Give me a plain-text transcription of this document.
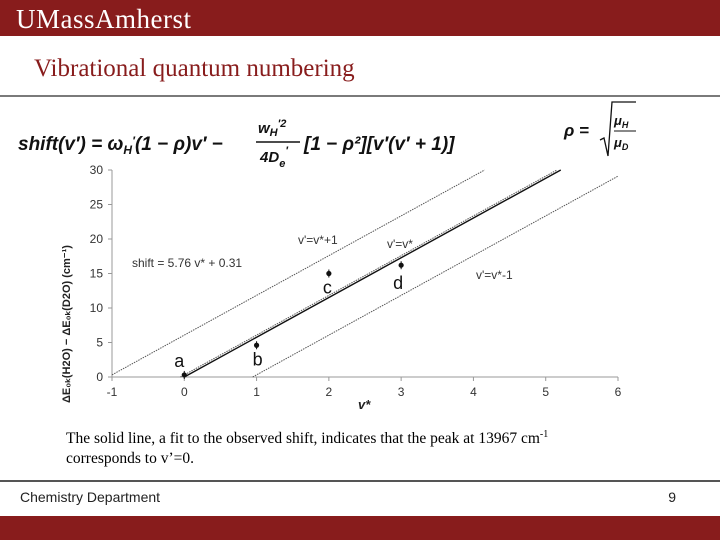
UMassAmherst
Vibrational quantum numbering
shift(v′) = $\omega_H'(1 - \rho)v'$ −
$w_H^{'2}$
$4D_e'$ [1 − ρ²][v′(v′ + 1)]
ρ =
$\mu_H$
$\mu_D$
0
5
10
15
20
25
30
-1	0	1	2	3	4	5	6
a	b
c	d
ΔE₀ₖ(H2O) − ΔE₀ₖ(D2O) (cm⁻¹)
v*
shift = 5.76 v* + 0.31
v'=v*+1	v'=v*
v'=v*-1
The solid line, a fit to the observed shift, indicates that the peak at 13967 $cm^{-1}$
corresponds to v’=0.
Chemistry Department	9
